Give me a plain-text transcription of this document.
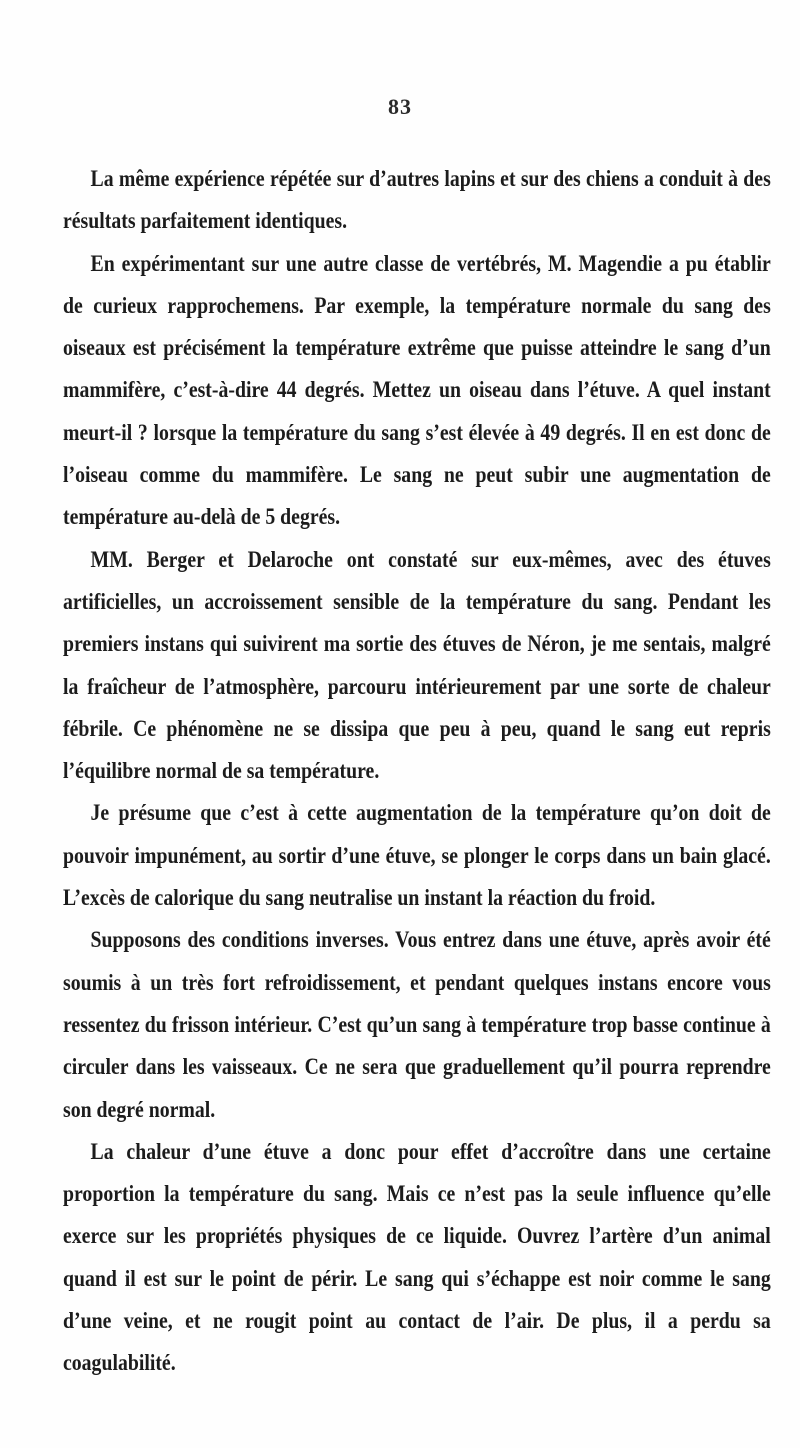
83

La même expérience répétée sur d’autres lapins et sur des chiens a conduit à des résultats parfaitement identiques.

En expérimentant sur une autre classe de vertébrés, M. Magendie a pu établir de curieux rapprochemens. Par exemple, la température normale du sang des oiseaux est précisément la température extrême que puisse atteindre le sang d’un mammifère, c’est-à-dire 44 degrés. Mettez un oiseau dans l’étuve. A quel instant meurt-il ? lorsque la température du sang s’est élevée à 49 degrés. Il en est donc de l’oiseau comme du mammifère. Le sang ne peut subir une augmentation de température au-delà de 5 degrés.

MM. Berger et Delaroche ont constaté sur eux-mêmes, avec des étuves artificielles, un accroissement sensible de la température du sang. Pendant les premiers instans qui suivirent ma sortie des étuves de Néron, je me sentais, malgré la fraîcheur de l’atmosphère, parcouru intérieurement par une sorte de chaleur fébrile. Ce phénomène ne se dissipa que peu à peu, quand le sang eut repris l’équilibre normal de sa température.

Je présume que c’est à cette augmentation de la température qu’on doit de pouvoir impunément, au sortir d’une étuve, se plonger le corps dans un bain glacé. L’excès de calorique du sang neutralise un instant la réaction du froid.

Supposons des conditions inverses. Vous entrez dans une étuve, après avoir été soumis à un très fort refroidissement, et pendant quelques instans encore vous ressentez du frisson intérieur. C’est qu’un sang à température trop basse continue à circuler dans les vaisseaux. Ce ne sera que graduellement qu’il pourra reprendre son degré normal.

La chaleur d’une étuve a donc pour effet d’accroître dans une certaine proportion la température du sang. Mais ce n’est pas la seule influence qu’elle exerce sur les propriétés physiques de ce liquide. Ouvrez l’artère d’un animal quand il est sur le point de périr. Le sang qui s’échappe est noir comme le sang d’une veine, et ne rougit point au contact de l’air. De plus, il a perdu sa coagulabilité.
